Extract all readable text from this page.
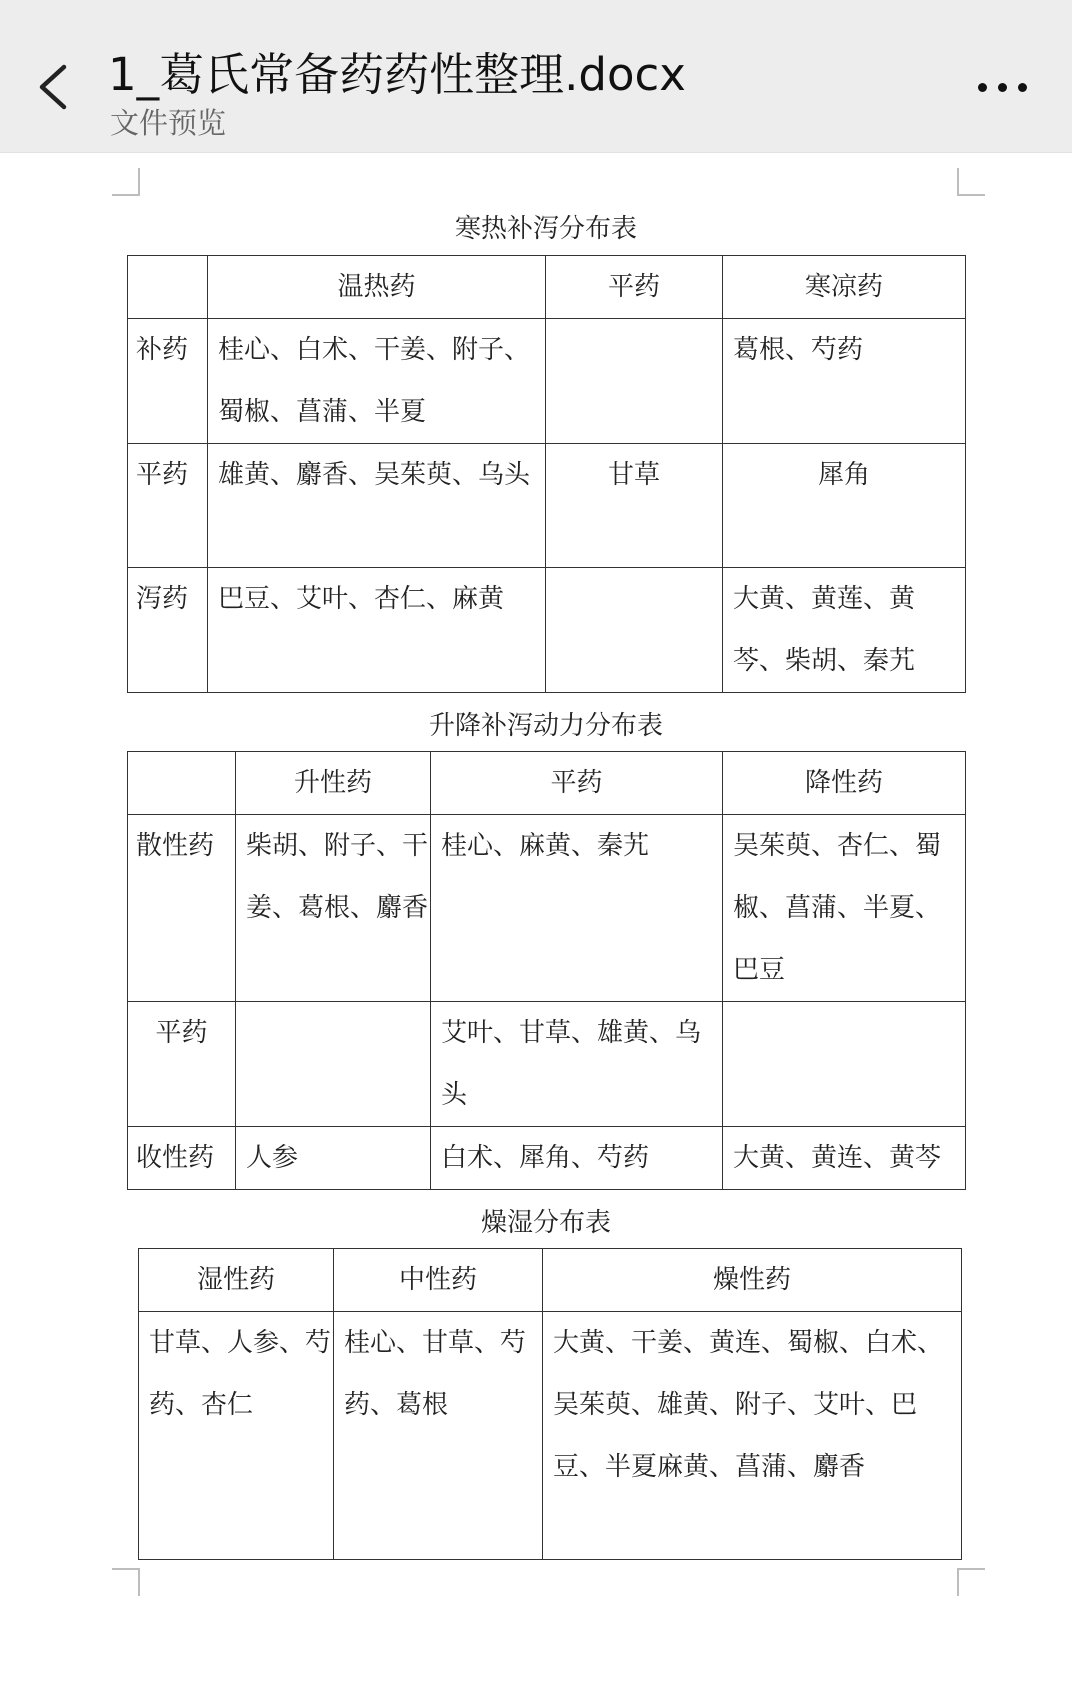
1_葛氏常备药药性整理.docx
文件预览
寒热补泻分布表
	温热药	平药	寒凉药
补药	桂心、白术、干姜、附子、蜀椒、菖蒲、半夏		葛根、芍药
平药	雄黄、麝香、吴茱萸、乌头	甘草	犀角
泻药	巴豆、艾叶、杏仁、麻黄		大黄、黄莲、黄芩、柴胡、秦艽
升降补泻动力分布表
	升性药	平药	降性药
散性药	柴胡、附子、干姜、葛根、麝香	桂心、麻黄、秦艽	吴茱萸、杏仁、蜀椒、菖蒲、半夏、巴豆
平药		艾叶、甘草、雄黄、乌头	
收性药	人参	白术、犀角、芍药	大黄、黄连、黄芩
燥湿分布表
湿性药	中性药	燥性药
甘草、人参、芍药、杏仁	桂心、甘草、芍药、葛根	大黄、干姜、黄连、蜀椒、白术、吴茱萸、雄黄、附子、艾叶、巴豆、半夏麻黄、菖蒲、麝香
